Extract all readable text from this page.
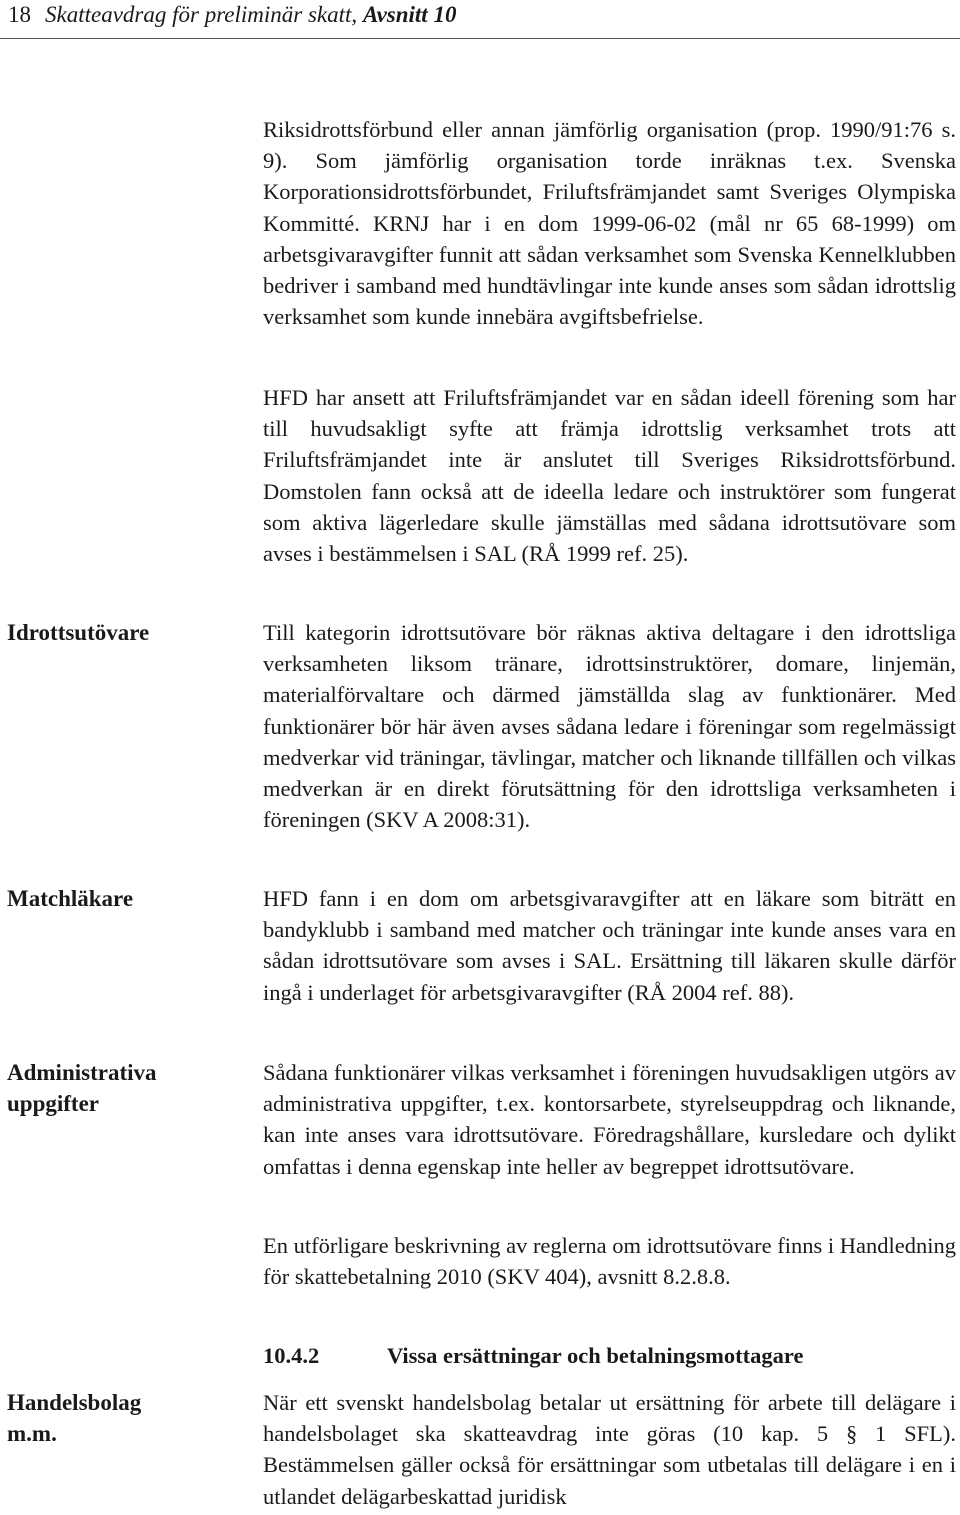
18 Skatteavdrag för preliminär skatt, Avsnitt 10
Idrottsutövare
Matchläkare
Administrativa
uppgifter
Handelsbolag
m.m.

Riksidrottsförbund eller annan jämförlig organisation (prop. 1990/91:76 s. 9). Som jämförlig organisation torde inräknas t.ex. Svenska Korporationsidrottsförbundet, Friluftsfrämjandet samt Sveriges Olympiska Kommitté. KRNJ har i en dom 1999-06-02 (mål nr 65 68-1999) om arbetsgivaravgifter funnit att sådan verksamhet som Svenska Kennelklubben bedriver i samband med hundtävlingar inte kunde anses som sådan idrottslig verksamhet som kunde innebära avgiftsbefrielse.

HFD har ansett att Friluftsfrämjandet var en sådan ideell förening som har till huvudsakligt syfte att främja idrottslig verksamhet trots att Friluftsfrämjandet inte är anslutet till Sveriges Riksidrottsförbund. Domstolen fann också att de ideella ledare och instruktörer som fungerat som aktiva lägerledare skulle jämställas med sådana idrottsutövare som avses i bestämmelsen i SAL (RÅ 1999 ref. 25).

Till kategorin idrottsutövare bör räknas aktiva deltagare i den idrottsliga verksamheten liksom tränare, idrottsinstruktörer, domare, linjemän, materialförvaltare och därmed jämställda slag av funktionärer. Med funktionärer bör här även avses sådana ledare i föreningar som regelmässigt medverkar vid träningar, tävlingar, matcher och liknande tillfällen och vilkas medverkan är en direkt förutsättning för den idrottsliga verksamheten i föreningen (SKV A 2008:31).

HFD fann i en dom om arbetsgivaravgifter att en läkare som biträtt en bandyklubb i samband med matcher och träningar inte kunde anses vara en sådan idrottsutövare som avses i SAL. Ersättning till läkaren skulle därför ingå i underlaget för arbetsgivaravgifter (RÅ 2004 ref. 88).

Sådana funktionärer vilkas verksamhet i föreningen huvudsakligen utgörs av administrativa uppgifter, t.ex. kontorsarbete, styrelseuppdrag och liknande, kan inte anses vara idrottsutövare. Föredragshållare, kursledare och dylikt omfattas i denna egenskap inte heller av begreppet idrottsutövare.

En utförligare beskrivning av reglerna om idrottsutövare finns i Handledning för skattebetalning 2010 (SKV 404), avsnitt 8.2.8.8.

10.4.2	Vissa ersättningar och betalningsmottagare

När ett svenskt handelsbolag betalar ut ersättning för arbete till delägare i handelsbolaget ska skatteavdrag inte göras (10 kap. 5 § 1 SFL). Bestämmelsen gäller också för ersättningar som utbetalas till delägare i en i utlandet delägarbeskattad juridisk
